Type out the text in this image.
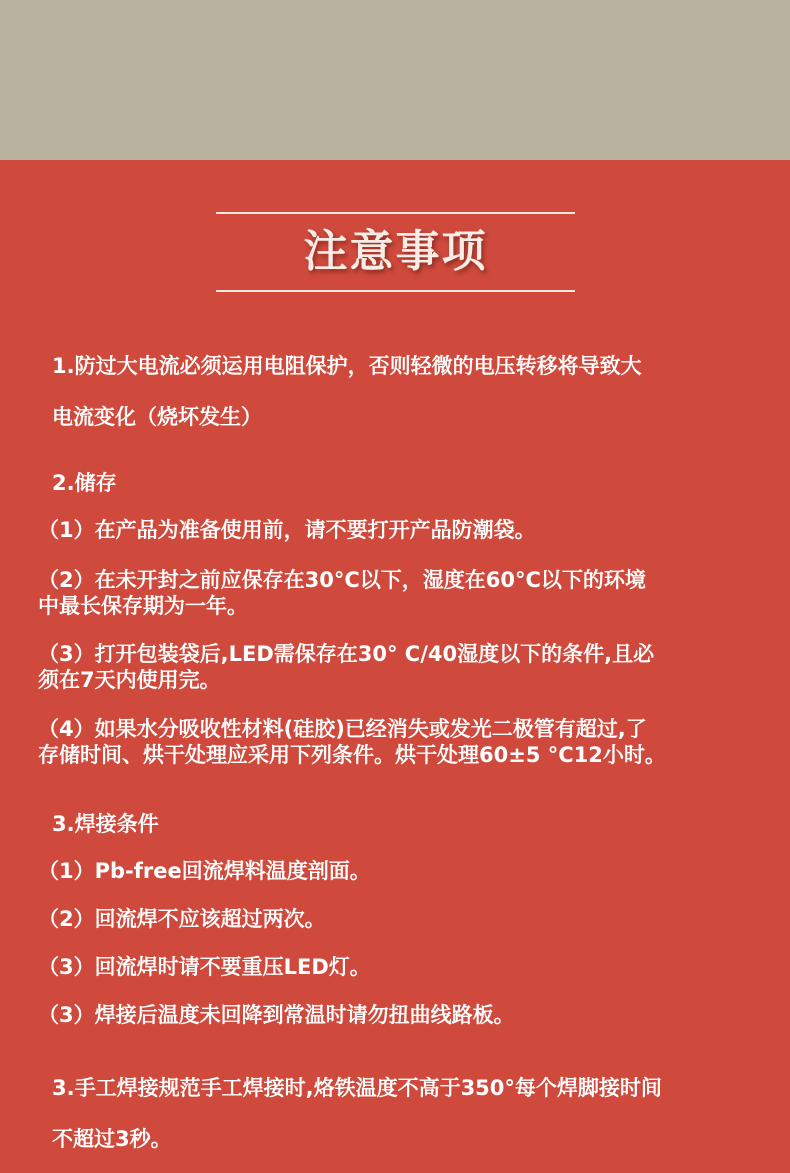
注意事项
1.防过大电流必须运用电阻保护，否则轻微的电压转移将导致大
电流变化（烧坏发生）
2.储存
（1）在产品为准备使用前，请不要打开产品防潮袋。
（2）在未开封之前应保存在30°C以下，湿度在60°C以下的环境
中最长保存期为一年。
（3）打开包装袋后,LED需保存在30° C/40湿度以下的条件,且必
须在7天内使用完。
（4）如果水分吸收性材料(硅胶)已经消失或发光二极管有超过,了
存储时间、烘干处理应采用下列条件。烘干处理60±5 °C12小时。
3.焊接条件
（1）Pb-free回流焊料温度剖面。
（2）回流焊不应该超过两次。
（3）回流焊时请不要重压LED灯。
（3）焊接后温度未回降到常温时请勿扭曲线路板。
3.手工焊接规范手工焊接时,烙铁温度不高于350°每个焊脚接时间
不超过3秒。
